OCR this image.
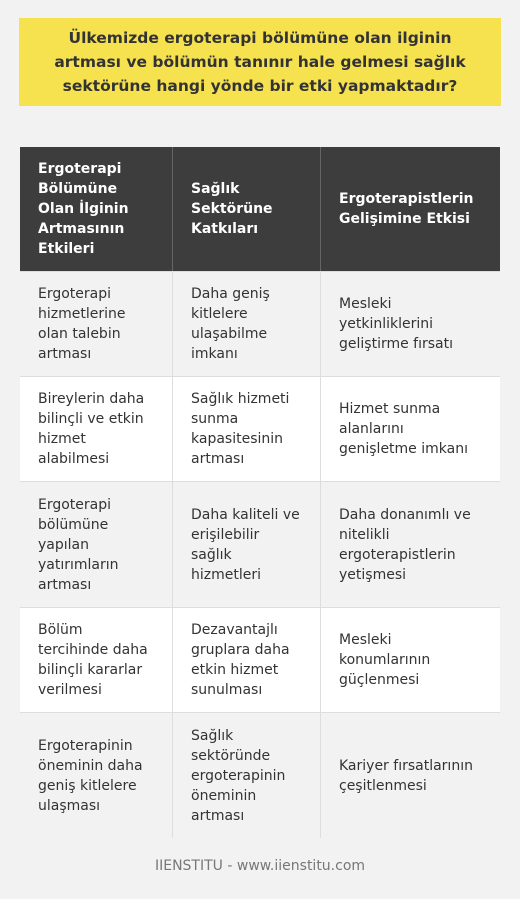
Ülkemizde ergoterapi bölümüne olan ilginin artması ve bölümün tanınır hale gelmesi sağlık sektörüne hangi yönde bir etki yapmaktadır?
Ergoterapi Bölümüne Olan İlginin Artmasının Etkileri
Sağlık Sektörüne Katkıları
Ergoterapistlerin Gelişimine Etkisi
Ergoterapi hizmetlerine olan talebin artması
Daha geniş kitlelere ulaşabilme imkanı
Mesleki yetkinliklerini geliştirme fırsatı
Bireylerin daha bilinçli ve etkin hizmet alabilmesi
Sağlık hizmeti sunma kapasitesinin artması
Hizmet sunma alanlarını genişletme imkanı
Ergoterapi bölümüne yapılan yatırımların artması
Daha kaliteli ve erişilebilir sağlık hizmetleri
Daha donanımlı ve nitelikli ergoterapistlerin yetişmesi
Bölüm tercihinde daha bilinçli kararlar verilmesi
Dezavantajlı gruplara daha etkin hizmet sunulması
Mesleki konumlarının güçlenmesi
Ergoterapinin öneminin daha geniş kitlelere ulaşması
Sağlık sektöründe ergoterapinin öneminin artması
Kariyer fırsatlarının çeşitlenmesi
IIENSTITU - www.iienstitu.com
